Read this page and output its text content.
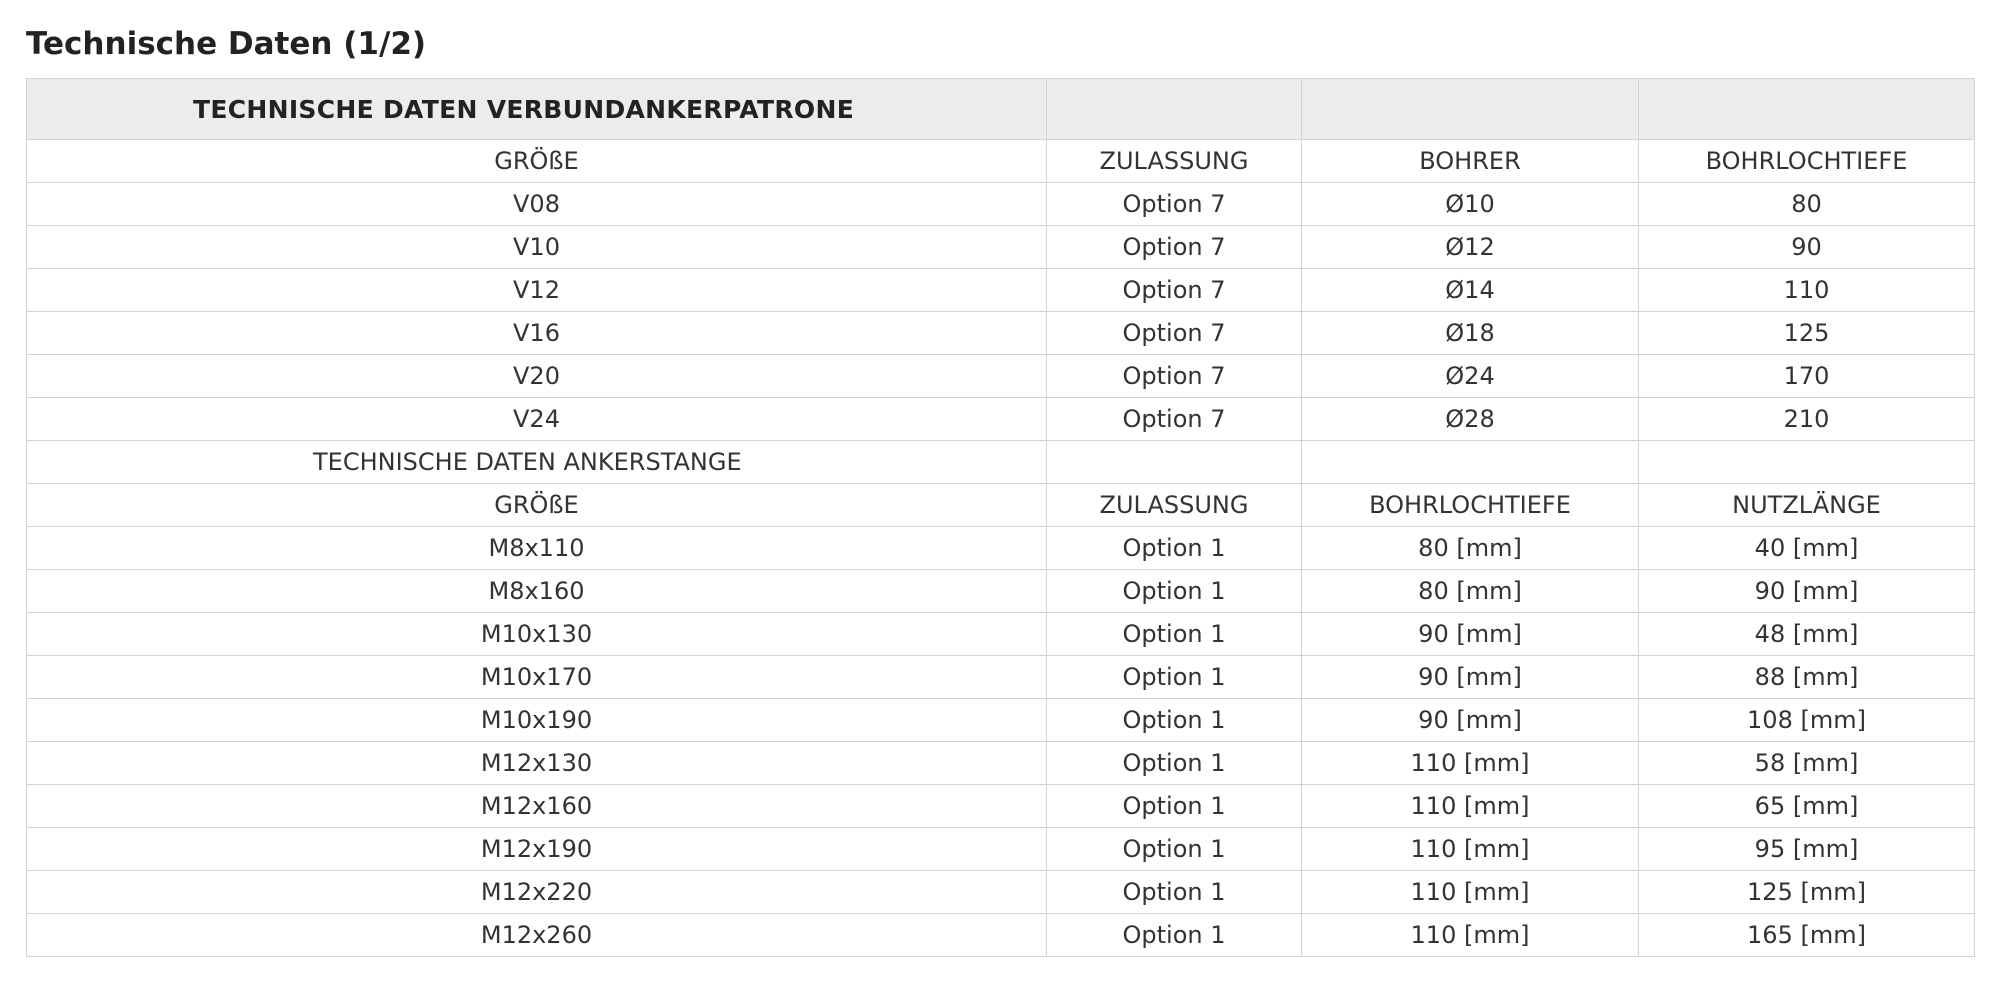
Technische Daten (1/2)
TECHNISCHE DATEN VERBUNDANKERPATRONE			
GRÖßE	ZULASSUNG	BOHRER	BOHRLOCHTIEFE
V08	Option 7	Ø10	80
V10	Option 7	Ø12	90
V12	Option 7	Ø14	110
V16	Option 7	Ø18	125
V20	Option 7	Ø24	170
V24	Option 7	Ø28	210
TECHNISCHE DATEN ANKERSTANGE			
GRÖßE	ZULASSUNG	BOHRLOCHTIEFE	NUTZLÄNGE
M8x110	Option 1	80 [mm]	40 [mm]
M8x160	Option 1	80 [mm]	90 [mm]
M10x130	Option 1	90 [mm]	48 [mm]
M10x170	Option 1	90 [mm]	88 [mm]
M10x190	Option 1	90 [mm]	108 [mm]
M12x130	Option 1	110 [mm]	58 [mm]
M12x160	Option 1	110 [mm]	65 [mm]
M12x190	Option 1	110 [mm]	95 [mm]
M12x220	Option 1	110 [mm]	125 [mm]
M12x260	Option 1	110 [mm]	165 [mm]
